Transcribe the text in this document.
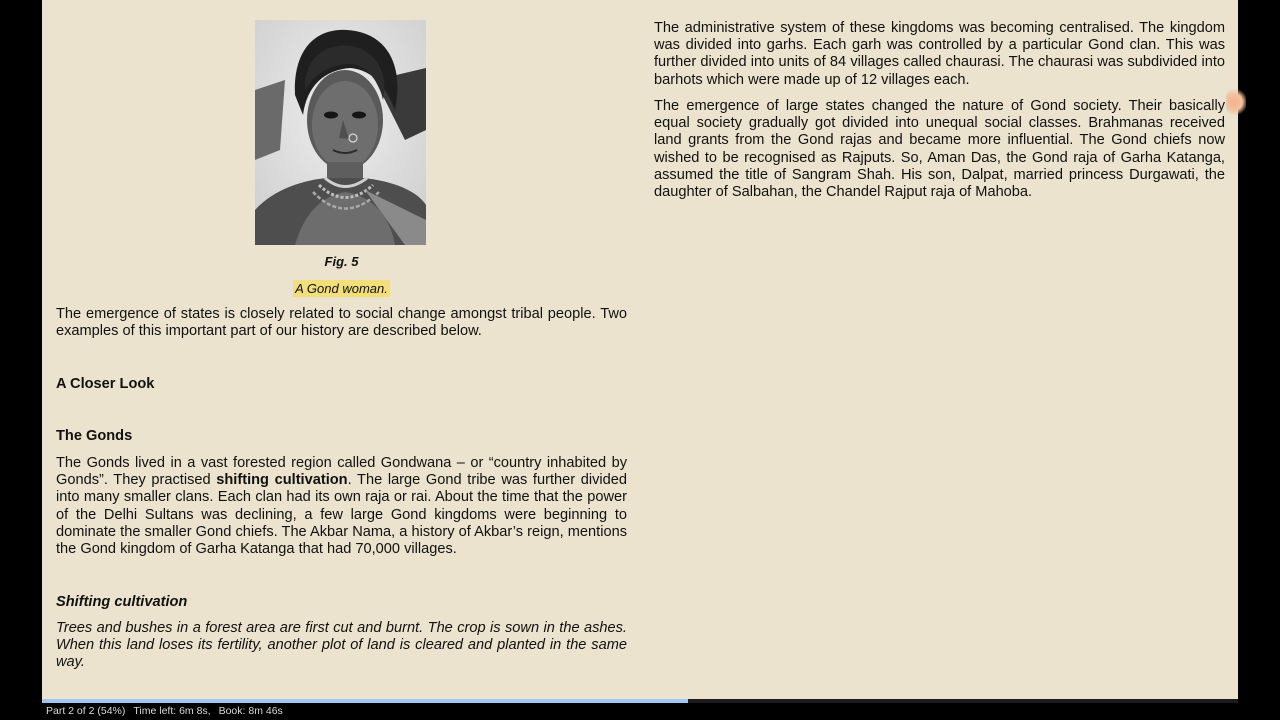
Fig. 5
A Gond woman.

The emergence of states is closely related to social change amongst tribal people. Two examples of this important part of our history are described below.

A Closer Look
The Gonds

The Gonds lived in a vast forested region called Gondwana – or “country inhabited by Gonds”. They practised shifting cultivation. The large Gond tribe was further divided into many smaller clans. Each clan had its own raja or rai. About the time that the power of the Delhi Sultans was declining, a few large Gond kingdoms were beginning to dominate the smaller Gond chiefs. The Akbar Nama, a history of Akbar’s reign, mentions the Gond kingdom of Garha Katanga that had 70,000 villages.

Shifting cultivation

Trees and bushes in a forest area are first cut and burnt. The crop is sown in the ashes. When this land loses its fertility, another plot of land is cleared and planted in the same way.

The administrative system of these kingdoms was becoming centralised. The kingdom was divided into garhs. Each garh was controlled by a particular Gond clan. This was further divided into units of 84 villages called chaurasi. The chaurasi was subdivided into barhots which were made up of 12 villages each.

The emergence of large states changed the nature of Gond society. Their basically equal society gradually got divided into unequal social classes. Brahmanas received land grants from the Gond rajas and became more influential. The Gond chiefs now wished to be recognised as Rajputs. So, Aman Das, the Gond raja of Garha Katanga, assumed the title of Sangram Shah. His son, Dalpat, married princess Durgawati, the daughter of Salbahan, the Chandel Rajput raja of Mahoba.

Part 2 of 2 (54%) Time left: 6m 8s, Book: 8m 46s
